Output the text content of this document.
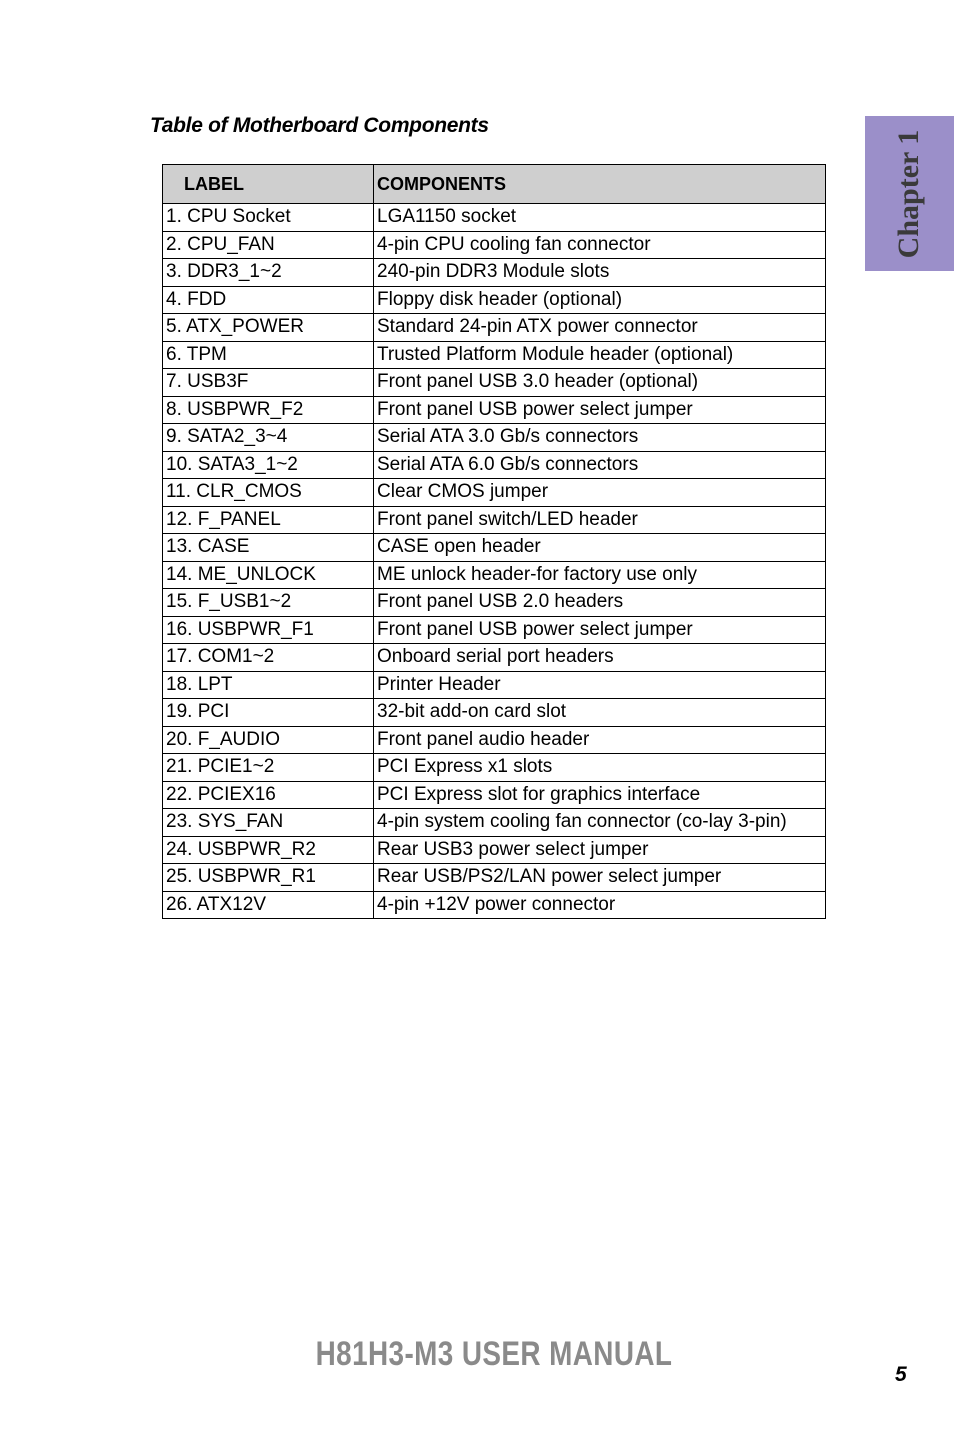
Table of Motherboard Components
Chapter 1
LABEL	COMPONENTS
1. CPU Socket	LGA1150 socket
2. CPU_FAN	4-pin CPU cooling fan connector
3. DDR3_1~2	240-pin DDR3 Module slots
4. FDD	Floppy disk header (optional)
5. ATX_POWER	Standard 24-pin ATX power connector
6. TPM	Trusted Platform Module header (optional)
7. USB3F	Front panel USB 3.0 header (optional)
8. USBPWR_F2	Front panel USB power select jumper
9. SATA2_3~4	Serial ATA 3.0 Gb/s connectors
10. SATA3_1~2	Serial ATA 6.0 Gb/s connectors
11. CLR_CMOS	Clear CMOS jumper
12. F_PANEL	Front panel switch/LED header
13. CASE	CASE open header
14. ME_UNLOCK	ME unlock header-for factory use only
15. F_USB1~2	Front panel USB 2.0 headers
16. USBPWR_F1	Front panel USB power select jumper
17. COM1~2	Onboard serial port headers
18. LPT	Printer Header
19. PCI	32-bit add-on card slot
20. F_AUDIO	Front panel audio header
21. PCIE1~2	PCI Express x1 slots
22. PCIEX16	PCI Express slot for graphics interface
23. SYS_FAN	4-pin system cooling fan connector (co-lay 3-pin)
24. USBPWR_R2	Rear USB3 power select jumper
25. USBPWR_R1	Rear USB/PS2/LAN power select jumper
26. ATX12V	4-pin +12V power connector
H81H3-M3 USER MANUAL
5
